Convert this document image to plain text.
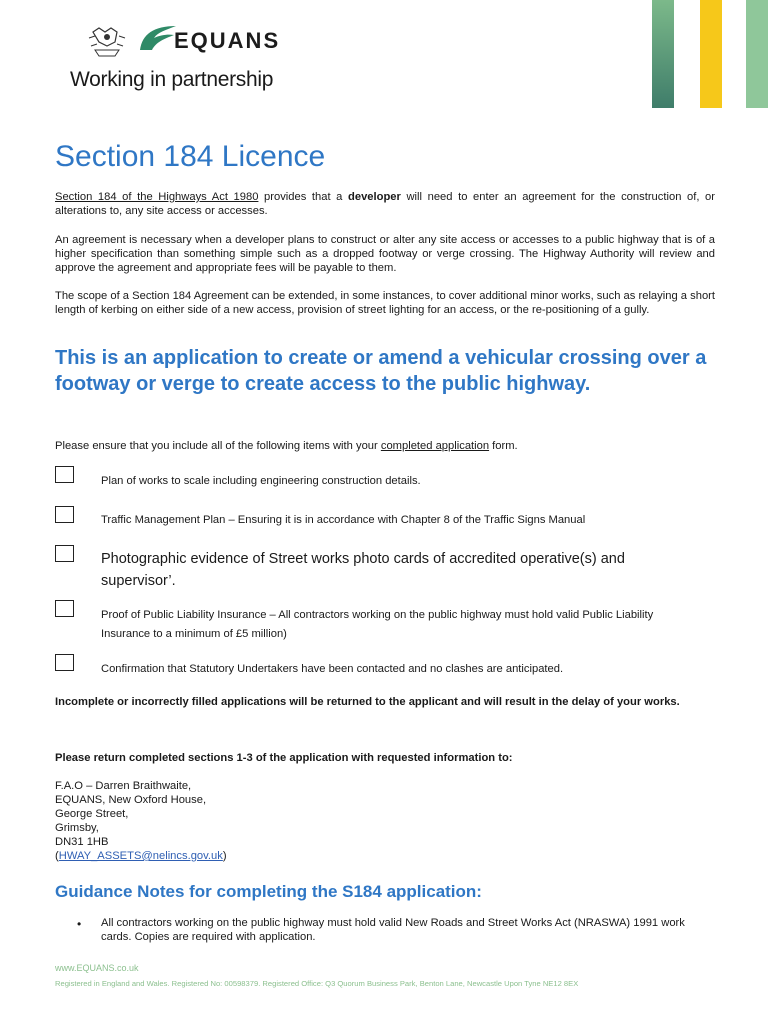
EQUANS
Working in partnership
Section 184 Licence
Section 184 of the Highways Act 1980 provides that a developer will need to enter an agreement for the construction of, or alterations to, any site access or accesses.
An agreement is necessary when a developer plans to construct or alter any site access or accesses to a public highway that is of a higher specification than something simple such as a dropped footway or verge crossing. The Highway Authority will review and approve the agreement and appropriate fees will be payable to them.
The scope of a Section 184 Agreement can be extended, in some instances, to cover additional minor works, such as relaying a short length of kerbing on either side of a new access, provision of street lighting for an access, or the re-positioning of a gully.
This is an application to create or amend a vehicular crossing over a footway or verge to create access to the public highway.
Please ensure that you include all of the following items with your completed application form.
Plan of works to scale including engineering construction details.
Traffic Management Plan – Ensuring it is in accordance with Chapter 8 of the Traffic Signs Manual
Photographic evidence of Street works photo cards of accredited operative(s) and supervisor’.
Proof of Public Liability Insurance – All contractors working on the public highway must hold valid Public Liability Insurance to a minimum of £5 million)
Confirmation that Statutory Undertakers have been contacted and no clashes are anticipated.
Incomplete or incorrectly filled applications will be returned to the applicant and will result in the delay of your works.
Please return completed sections 1-3 of the application with requested information to:
F.A.O – Darren Braithwaite,
EQUANS, New Oxford House,
George Street,
Grimsby,
DN31 1HB
(HWAY_ASSETS@nelincs.gov.uk)
Guidance Notes for completing the S184 application:
• All contractors working on the public highway must hold valid New Roads and Street Works Act (NRASWA) 1991 work cards. Copies are required with application.
www.EQUANS.co.uk
Registered in England and Wales. Registered No: 00598379. Registered Office: Q3 Quorum Business Park, Benton Lane, Newcastle Upon Tyne NE12 8EX
